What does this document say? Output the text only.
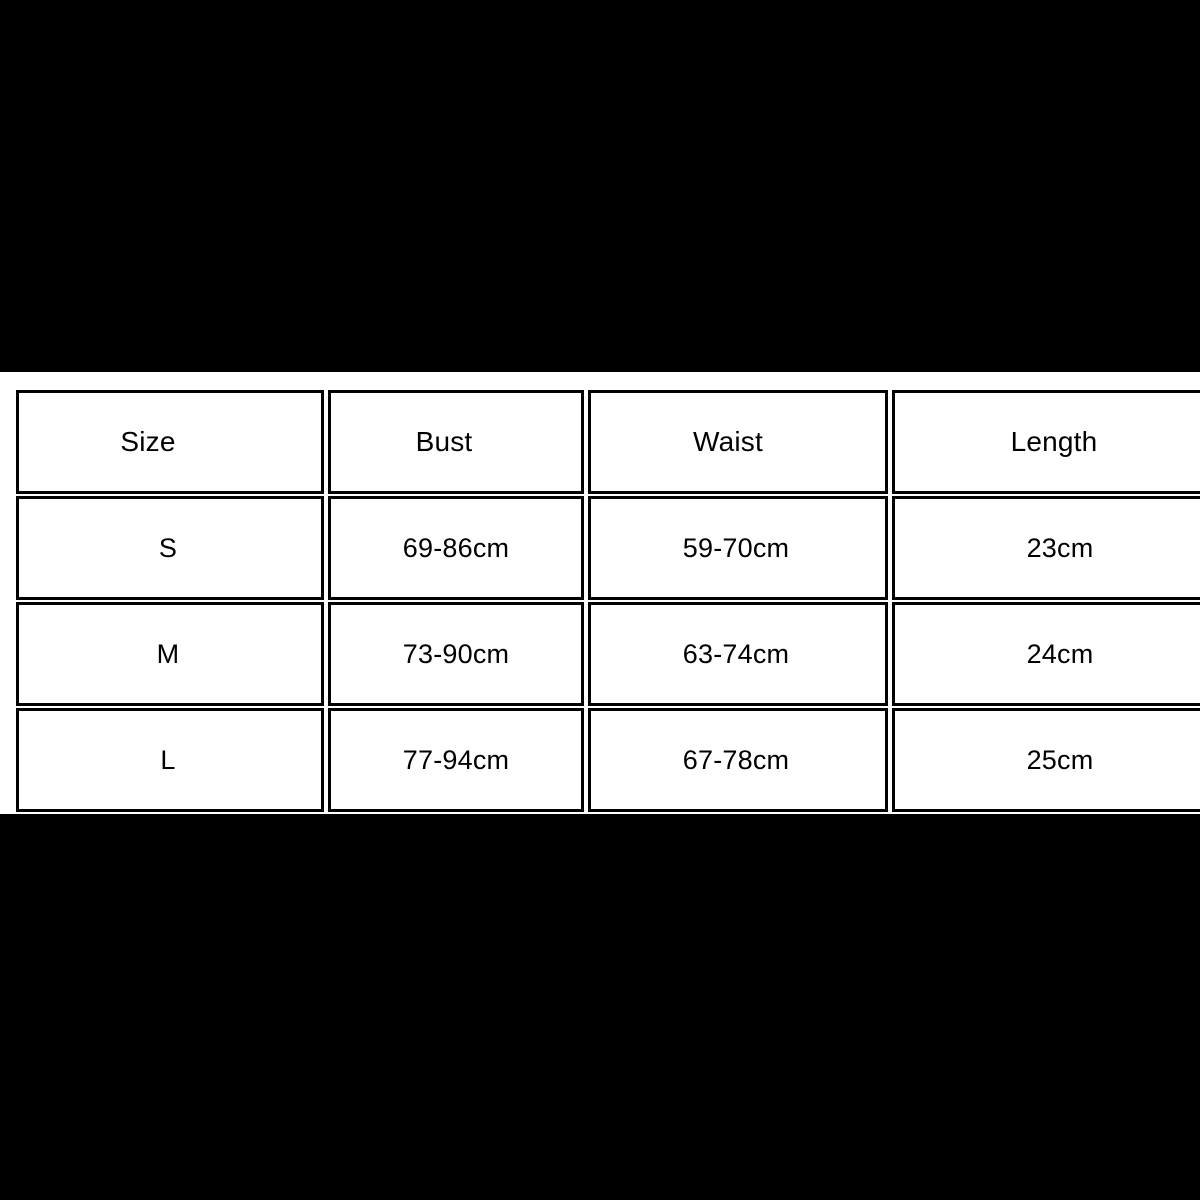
Size	Bust	Waist	Length

S	69-86cm	59-70cm	23cm

M	73-90cm	63-74cm	24cm

L	77-94cm	67-78cm	25cm
